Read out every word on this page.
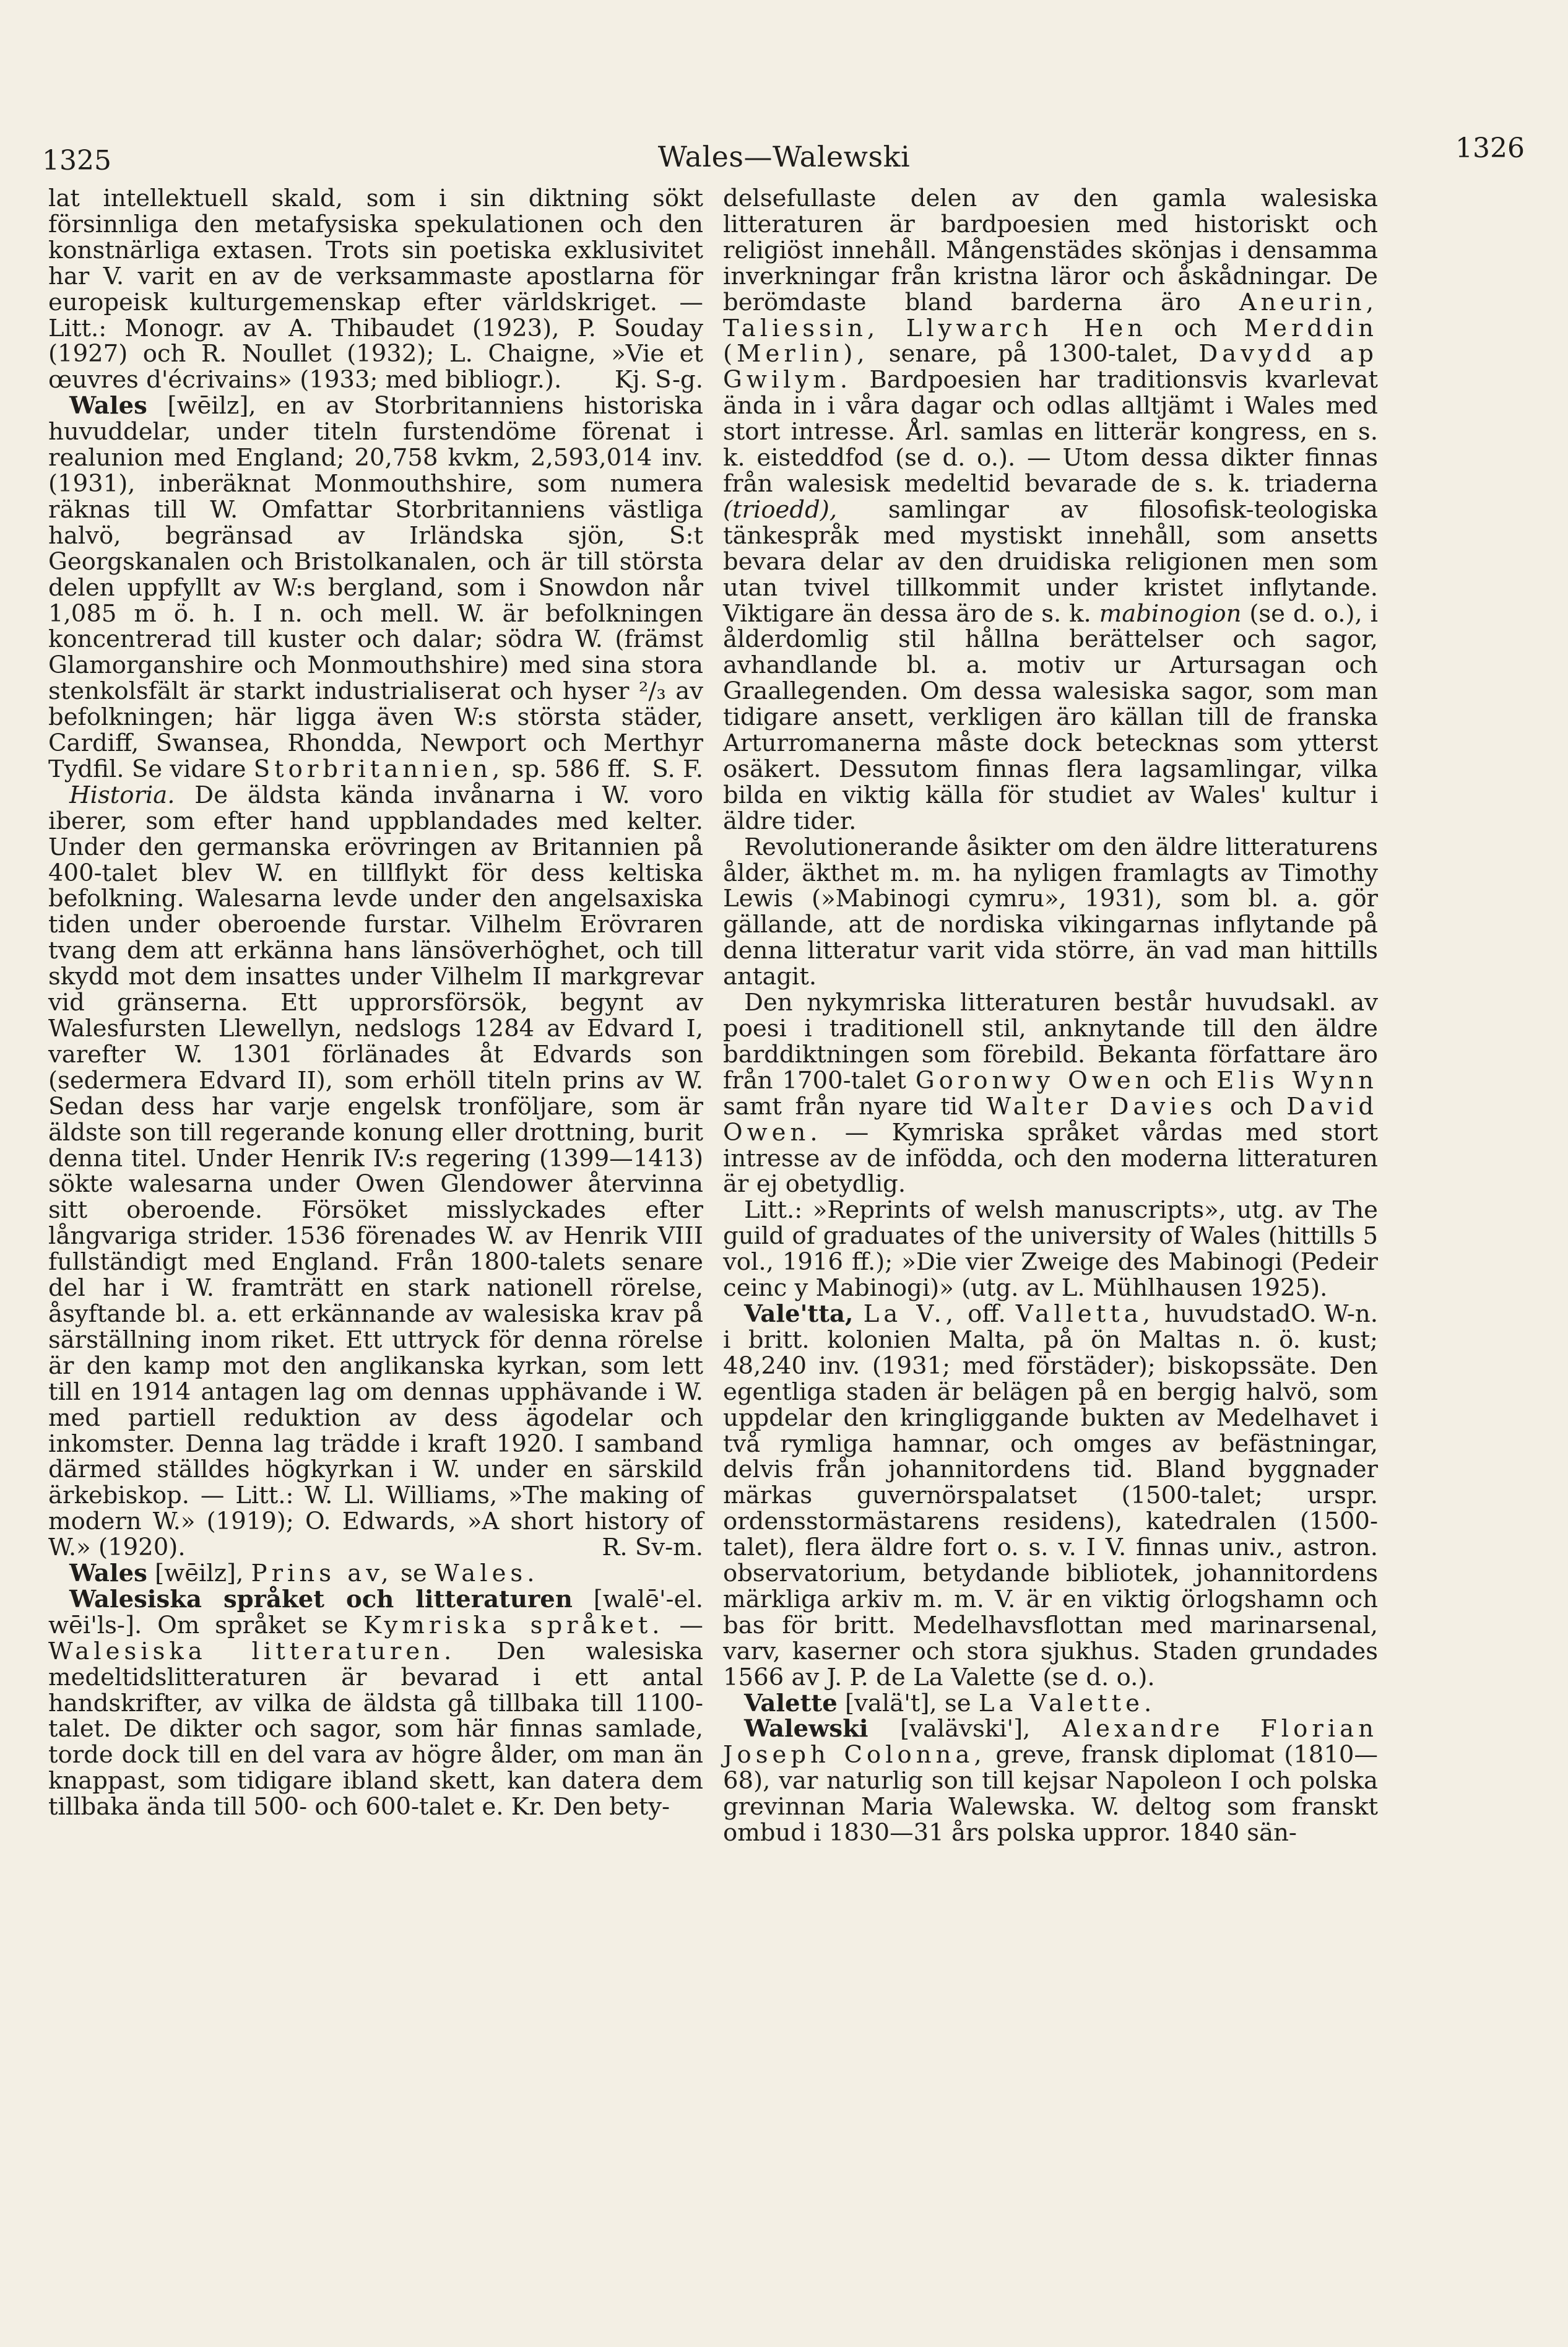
1325	Wales—Walewski	1326

lat intellektuell skald, som i sin diktning sökt försinnliga den metafysiska spekulationen och den konstnärliga extasen. Trots sin poetiska exklusivitet har V. varit en av de verksammaste apostlarna för europeisk kulturgemenskap efter världskriget. — Litt.: Monogr. av A. Thibaudet (1923), P. Souday (1927) och R. Noullet (1932); L. Chaigne, »Vie et œuvres d'écrivains» (1933; med bibliogr.). Kj. S-g.

Wales [wēilz], en av Storbritanniens historiska huvuddelar, under titeln furstendöme förenat i realunion med England; 20,758 kvkm, 2,593,014 inv. (1931), inberäknat Monmouthshire, som numera räknas till W. Omfattar Storbritanniens västliga halvö, begränsad av Irländska sjön, S:t Georgskanalen och Bristolkanalen, och är till största delen uppfyllt av W:s bergland, som i Snowdon når 1,085 m ö. h. I n. och mell. W. är befolkningen koncentrerad till kuster och dalar; södra W. (främst Glamorganshire och Monmouthshire) med sina stora stenkolsfält är starkt industrialiserat och hyser ²/₃ av befolkningen; här ligga även W:s största städer, Cardiff, Swansea, Rhondda, Newport och Merthyr Tydfil. Se vidare Storbritannien, sp. 586 ff. S. F.

Historia. De äldsta kända invånarna i W. voro iberer, som efter hand uppblandades med kelter. Under den germanska erövringen av Britannien på 400-talet blev W. en tillflykt för dess keltiska befolkning. Walesarna levde under den angelsaxiska tiden under oberoende furstar. Vilhelm Erövraren tvang dem att erkänna hans länsöverhöghet, och till skydd mot dem insattes under Vilhelm II markgrevar vid gränserna. Ett upprorsförsök, begynt av Walesfursten Llewellyn, nedslogs 1284 av Edvard I, varefter W. 1301 förlänades åt Edvards son (sedermera Edvard II), som erhöll titeln prins av W. Sedan dess har varje engelsk tronföljare, som är äldste son till regerande konung eller drottning, burit denna titel. Under Henrik IV:s regering (1399—1413) sökte walesarna under Owen Glendower återvinna sitt oberoende. Försöket misslyckades efter långvariga strider. 1536 förenades W. av Henrik VIII fullständigt med England. Från 1800-talets senare del har i W. framträtt en stark nationell rörelse, åsyftande bl. a. ett erkännande av walesiska krav på särställning inom riket. Ett uttryck för denna rörelse är den kamp mot den anglikanska kyrkan, som lett till en 1914 antagen lag om dennas upphävande i W. med partiell reduktion av dess ägodelar och inkomster. Denna lag trädde i kraft 1920. I samband därmed ställdes högkyrkan i W. under en särskild ärkebiskop. — Litt.: W. Ll. Williams, »The making of modern W.» (1919); O. Edwards, »A short history of W.» (1920).	R. Sv-m.

Wales [wēilz], Prins av, se Wales.

Walesiska språket och litteraturen [walē'-el. wēi'ls-]. Om språket se Kymriska språket. — Walesiska litteraturen. Den walesiska medeltidslitteraturen är bevarad i ett antal handskrifter, av vilka de äldsta gå tillbaka till 1100-talet. De dikter och sagor, som här finnas samlade, torde dock till en del vara av högre ålder, om man än knappast, som tidigare ibland skett, kan datera dem tillbaka ända till 500- och 600-talet e. Kr. Den bety-

delsefullaste delen av den gamla walesiska litteraturen är bardpoesien med historiskt och religiöst innehåll. Mångenstädes skönjas i densamma inverkningar från kristna läror och åskådningar. De berömdaste bland barderna äro Aneurin, Taliessin, Llywarch Hen och Merddin (Merlin), senare, på 1300-talet, Davydd ap Gwilym. Bardpoesien har traditionsvis kvarlevat ända in i våra dagar och odlas alltjämt i Wales med stort intresse. Årl. samlas en litterär kongress, en s. k. eisteddfod (se d. o.). — Utom dessa dikter finnas från walesisk medeltid bevarade de s. k. triaderna (trioedd), samlingar av filosofisk-teologiska tänkespråk med mystiskt innehåll, som ansetts bevara delar av den druidiska religionen men som utan tvivel tillkommit under kristet inflytande. Viktigare än dessa äro de s. k. mabinogion (se d. o.), i ålderdomlig stil hållna berättelser och sagor, avhandlande bl. a. motiv ur Artursagan och Graallegenden. Om dessa walesiska sagor, som man tidigare ansett, verkligen äro källan till de franska Arturromanerna måste dock betecknas som ytterst osäkert. Dessutom finnas flera lagsamlingar, vilka bilda en viktig källa för studiet av Wales' kultur i äldre tider.

Revolutionerande åsikter om den äldre litteraturens ålder, äkthet m. m. ha nyligen framlagts av Timothy Lewis (»Mabinogi cymru», 1931), som bl. a. gör gällande, att de nordiska vikingarnas inflytande på denna litteratur varit vida större, än vad man hittills antagit.

Den nykymriska litteraturen består huvudsakl. av poesi i traditionell stil, anknytande till den äldre barddiktningen som förebild. Bekanta författare äro från 1700-talet Goronwy Owen och Elis Wynn samt från nyare tid Walter Davies och David Owen. — Kymriska språket vårdas med stort intresse av de infödda, och den moderna litteraturen är ej obetydlig.

Litt.: »Reprints of welsh manuscripts», utg. av The guild of graduates of the university of Wales (hittills 5 vol., 1916 ff.); »Die vier Zweige des Mabinogi (Pedeir ceinc y Mabinogi)» (utg. av L. Mühlhausen 1925).
O. W-n.

Vale'tta, La V., off. Valletta, huvudstad i britt. kolonien Malta, på ön Maltas n. ö. kust; 48,240 inv. (1931; med förstäder); biskopssäte. Den egentliga staden är belägen på en bergig halvö, som uppdelar den kringliggande bukten av Medelhavet i två rymliga hamnar, och omges av befästningar, delvis från johannitordens tid. Bland byggnader märkas guvernörspalatset (1500-talet; urspr. ordensstormästarens residens), katedralen (1500-talet), flera äldre fort o. s. v. I V. finnas univ., astron. observatorium, betydande bibliotek, johannitordens märkliga arkiv m. m. V. är en viktig örlogshamn och bas för britt. Medelhavsflottan med marinarsenal, varv, kaserner och stora sjukhus. Staden grundades 1566 av J. P. de La Valette (se d. o.).

Valette [valä't], se La Valette.

Walewski [valävski'], Alexandre Florian Joseph Colonna, greve, fransk diplomat (1810—68), var naturlig son till kejsar Napoleon I och polska grevinnan Maria Walewska. W. deltog som franskt ombud i 1830—31 års polska uppror. 1840 sän-
